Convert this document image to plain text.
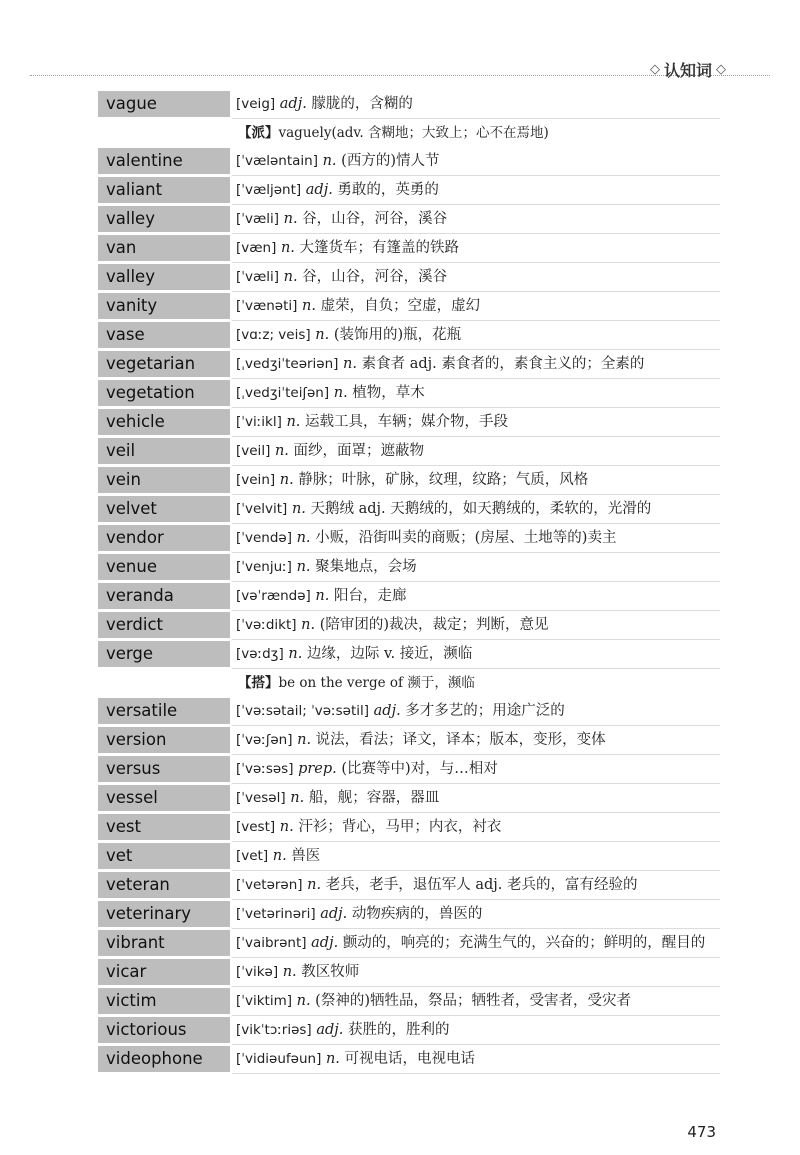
◇ 认知词 ◇
vague	[veig] adj. 朦胧的，含糊的
【派】vaguely(adv. 含糊地；大致上；心不在焉地)
valentine	[ˈvæləntain] n. (西方的)情人节
valiant	[ˈvæljənt] adj. 勇敢的，英勇的
valley	[ˈvæli] n. 谷，山谷，河谷，溪谷
van	[væn] n. 大篷货车；有篷盖的铁路
valley	[ˈvæli] n. 谷，山谷，河谷，溪谷
vanity	[ˈvænəti] n. 虚荣，自负；空虚，虚幻
vase	[vɑːz; veis] n. (装饰用的)瓶，花瓶
vegetarian	[ˌvedʒiˈteəriən] n. 素食者 adj. 素食者的，素食主义的；全素的
vegetation	[ˌvedʒiˈteiʃən] n. 植物，草木
vehicle	[ˈviːikl] n. 运载工具，车辆；媒介物，手段
veil	[veil] n. 面纱，面罩；遮蔽物
vein	[vein] n. 静脉；叶脉，矿脉，纹理，纹路；气质，风格
velvet	[ˈvelvit] n. 天鹅绒 adj. 天鹅绒的，如天鹅绒的，柔软的，光滑的
vendor	[ˈvendə] n. 小贩，沿街叫卖的商贩；(房屋、土地等的)卖主
venue	[ˈvenjuː] n. 聚集地点，会场
veranda	[vəˈrændə] n. 阳台，走廊
verdict	[ˈvəːdikt] n. (陪审团的)裁决，裁定；判断，意见
verge	[vəːdʒ] n. 边缘，边际 v. 接近，濒临
【搭】be on the verge of 濒于，濒临
versatile	[ˈvəːsətail; ˈvəːsətil] adj. 多才多艺的；用途广泛的
version	[ˈvəːʃən] n. 说法，看法；译文，译本；版本，变形，变体
versus	[ˈvəːsəs] prep. (比赛等中)对，与…相对
vessel	[ˈvesəl] n. 船，舰；容器，器皿
vest	[vest] n. 汗衫；背心，马甲；内衣，衬衣
vet	[vet] n. 兽医
veteran	[ˈvetərən] n. 老兵，老手，退伍军人 adj. 老兵的，富有经验的
veterinary	[ˈvetərinəri] adj. 动物疾病的，兽医的
vibrant	[ˈvaibrənt] adj. 颤动的，响亮的；充满生气的，兴奋的；鲜明的，醒目的
vicar	[ˈvikə] n. 教区牧师
victim	[ˈviktim] n. (祭神的)牺牲品，祭品；牺牲者，受害者，受灾者
victorious	[vikˈtɔːriəs] adj. 获胜的，胜利的
videophone	[ˈvidiəufəun] n. 可视电话，电视电话
473
